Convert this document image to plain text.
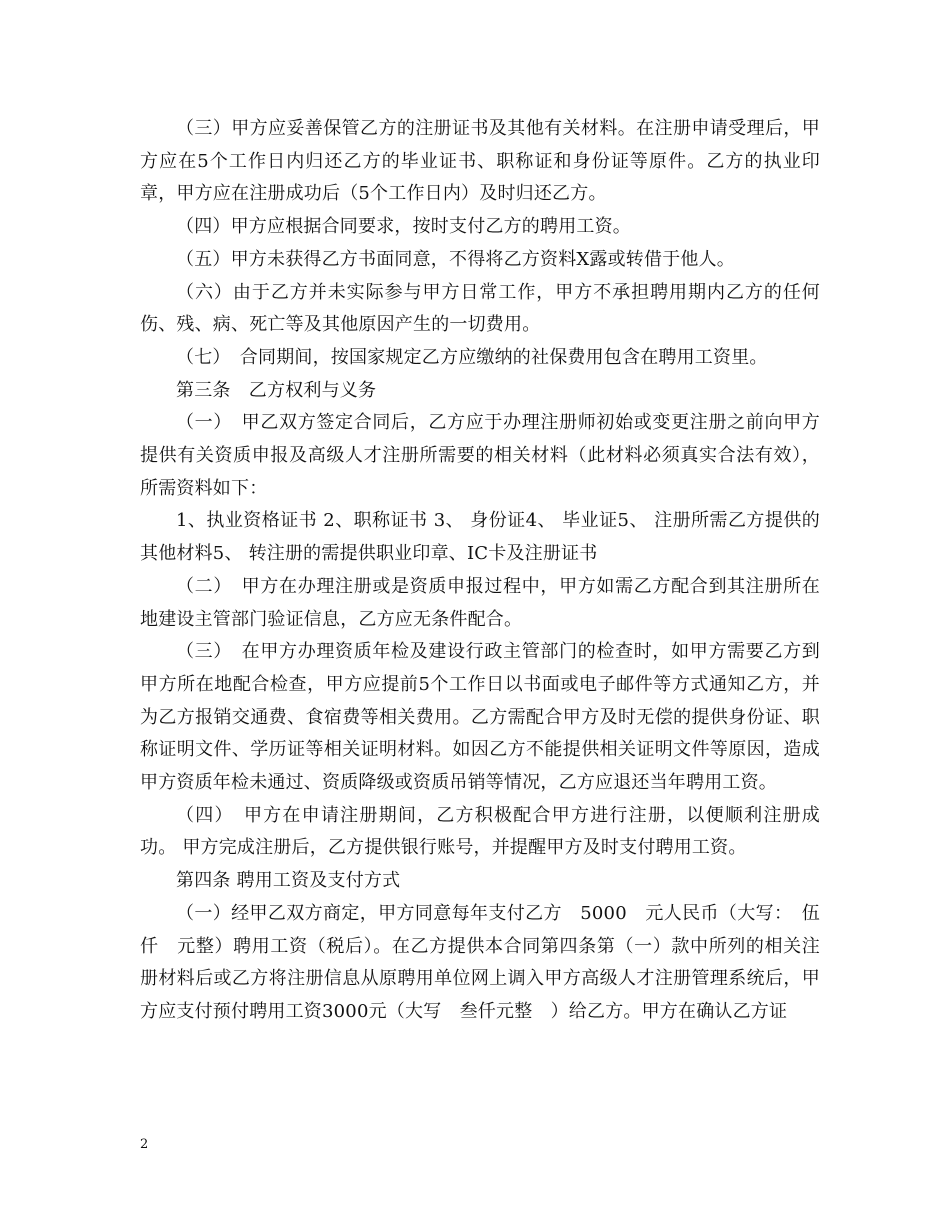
（三）甲方应妥善保管乙方的注册证书及其他有关材料。在注册申请受理后，甲方应在5个工作日内归还乙方的毕业证书、职称证和身份证等原件。乙方的执业印章，甲方应在注册成功后（5个工作日内）及时归还乙方。

（四）甲方应根据合同要求，按时支付乙方的聘用工资。

（五）甲方未获得乙方书面同意，不得将乙方资料X露或转借于他人。

（六）由于乙方并未实际参与甲方日常工作，甲方不承担聘用期内乙方的任何伤、残、病、死亡等及其他原因产生的一切费用。

（七）　合同期间，按国家规定乙方应缴纳的社保费用包含在聘用工资里。

第三条　乙方权利与义务

（一）　甲乙双方签定合同后，乙方应于办理注册师初始或变更注册之前向甲方提供有关资质申报及高级人才注册所需要的相关材料（此材料必须真实合法有效），所需资料如下：

1、执业资格证书 2、职称证书 3、 身份证4、 毕业证5、 注册所需乙方提供的其他材料5、 转注册的需提供职业印章、IC卡及注册证书

（二）　甲方在办理注册或是资质申报过程中，甲方如需乙方配合到其注册所在地建设主管部门验证信息，乙方应无条件配合。

（三）　在甲方办理资质年检及建设行政主管部门的检查时，如甲方需要乙方到甲方所在地配合检查，甲方应提前5个工作日以书面或电子邮件等方式通知乙方，并为乙方报销交通费、食宿费等相关费用。乙方需配合甲方及时无偿的提供身份证、职称证明文件、学历证等相关证明材料。如因乙方不能提供相关证明文件等原因，造成甲方资质年检未通过、资质降级或资质吊销等情况，乙方应退还当年聘用工资。

（四）　甲方在申请注册期间，乙方积极配合甲方进行注册，以便顺利注册成功。 甲方完成注册后，乙方提供银行账号，并提醒甲方及时支付聘用工资。

第四条 聘用工资及支付方式

（一）经甲乙双方商定，甲方同意每年支付乙方　5000　元人民币（大写：　伍仟　元整）聘用工资（税后）。在乙方提供本合同第四条第（一）款中所列的相关注册材料后或乙方将注册信息从原聘用单位网上调入甲方高级人才注册管理系统后，甲方应支付预付聘用工资3000元（大写　叁仟元整　）给乙方。甲方在确认乙方证

2
